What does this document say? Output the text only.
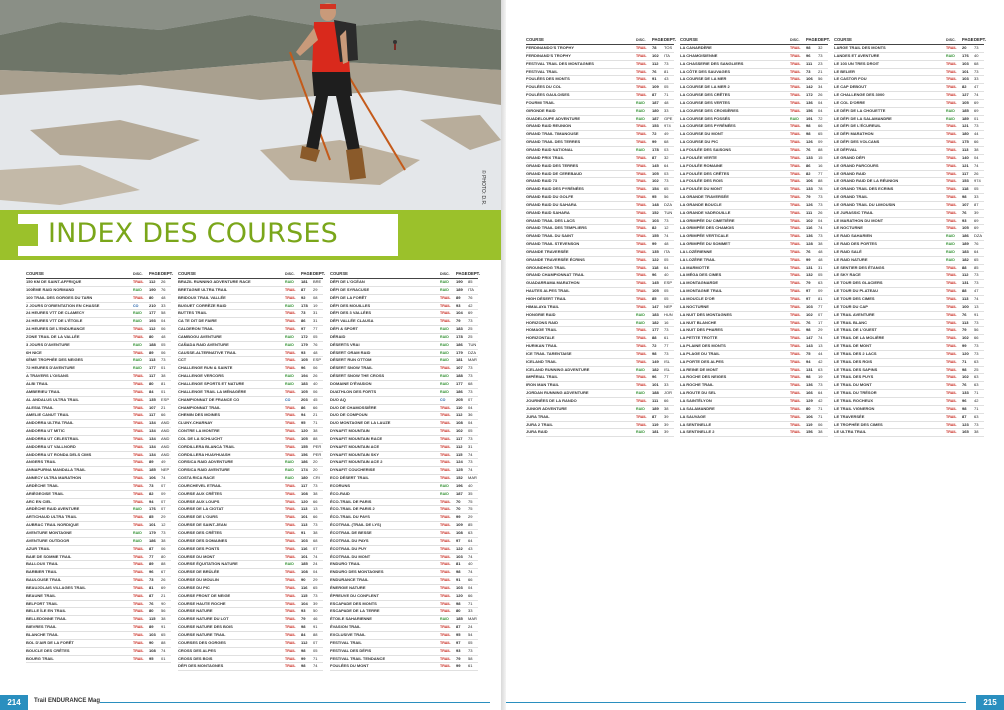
© PHOTO: D.R.
INDEX DES COURSES
COURSE	DISC. PAGE DEPT.
150 KM DE SAINT-AFFRIQUE	TRAIL 112 26
100ÈME RAID NORMAND	RAID 190 76
100 TRAIL DES GORGES DU TARN	TRAIL 80 48
2 JOURS D'ORIENTATION EN CHASSE	CO	210 33
24 HEURES VTT DE CLAMECY	RAID 177 58
24 HEURES VTT DE L'ÉTOILE	RAID 193 04
24 HEURES DE L'ENDURANCE	TRAIL 112 06
ZONE TRAIL DE LA VALLÉE	TRAIL 80 48
3 JOURS D'AVENTURE	RAID 188 05
6H NICE	TRAIL 89 06
6ÈME TROPHÉE DES NEIGES	RAID 113 73
72 HEURES D'AVENTURE	RAID 177 01
A TRAVERS L'OISANS	TRAIL 117 38
ALBI TRAIL	TRAIL 80 81
AMBERIEU TRAIL	TRAIL 84 01
AL ANDALUS ULTRA TRAIL	TRAIL 135 ESP
ALESIA TRAIL	TRAIL 107 21
AMELIE CANUT TRAIL	TRAIL 117 66
ANDORRA ULTRA TRAIL	TRAIL 134 AND
ANDORRA UT MITIC	TRAIL 134 AND
ANDORRA UT CELESTRAIL	TRAIL 134 AND
ANDORRA UT VALLNORD	TRAIL 134 AND
ANDORRA UT RONDA DELS CIMS	TRAIL 134 AND
ANGERS TRAIL	TRAIL 89 49
ANNAPURNA MANDALA TRAIL	TRAIL 185 NEP
ANNECY ULTRA MARATHON	TRAIL 106 74
ARDÈCHE TRAIL	TRAIL 73 07
ARIÈGEOISE TRAIL	TRAIL 82 09
ARC EN CIEL	TRAIL 94 07
ARDÈCHE RAID AVENTURE	RAID 176 07
ARTICHAUD ULTRA TRAIL	TRAIL 85 29
AUBRAC TRAIL NORDIQUE	TRAIL 101 12
AVENTURE MONTAGNE	RAID 179 73
AVENTURE OUTDOOR	RAID 186 38
AZUR TRAIL	TRAIL 87 06
BAIE DE SOMME TRAIL	TRAIL 77 80
BALLOUX TRAIL	TRAIL 89 88
BARBIER TRAIL	TRAIL 96 67
BAULOUSE TRAIL	TRAIL 73 26
BEAUJOLAIS VILLAGES TRAIL	TRAIL 81 69
BEAUNE TRAIL	TRAIL 87 21
BELFORT TRAIL	TRAIL 76 90
BELLE ÎLE EN TRAIL	TRAIL 80 56
BELLEDONNE TRAIL	TRAIL 115 38
BIEVRES TRAIL	TRAIL 89 91
BLANCHE TRAIL	TRAIL 103 65
BOL D'AIR DE LA FORÊT	TRAIL 90 88
BOUCLE DES CRÊTES	TRAIL 108 74
BOURG TRAIL	TRAIL 95 01
COURSE	DISC. PAGE DEPT.
BRAZIL RUNNING ADVENTURE RACE	RAID 181 BRE
BRETAGNE ULTRA TRAIL	TRAIL 87 29
BRIDOUX TRAIL VALLÉE	TRAIL 92 08
BUGUET CORRÈZE RAID	RAID 178 19
BUTTES TRAIL	TRAIL 73 31
CA TE DIT DE FAIRE	TRAIL 86 31
CALDERON TRAIL	TRAIL 97 77
CAMBOGU AVENTURE	RAID 172 05
CAÑADA RAID AVENTURE	RAID 179 76
CAUSSE-ALTERNATIVE TRAIL	TRAIL 93 48
CCT	TRAIL 105 ESP
CHALLENGE RUN & SAINTE	TRAIL 96 06
CHALLENGE VERCORS	RAID 194 26
CHALLENGE SPORTS ET NATURE	RAID 183 40
CHALLENGE TRAIL LA MÉNAGÈRE	TRAIL 105 06
CHAMPIONNAT DE FRANCE CO	CO	203 45
CHAMPIONNAT TRAIL	TRAIL 86 66
CHEMIN DES MOINES	TRAIL 94 21
CLUNY-CHARNAY	TRAIL 95 71
CONTRE LA MONTRE	TRAIL 120 38
COL DE LA SCHLUCHT	TRAIL 105 88
CORDILLERA BLANCA TRAIL	TRAIL 155 PER
CORDILLERA HUAYHUASH	TRAIL 156 PER
CORSICA RAID ADVENTURE	RAID 186 20
CORSICA RAID AVENTURE	RAID 174 20
COSTA RICA RACE	RAID 180 CRI
COURCHEVEL ETRAIL	TRAIL 117 73
COURSE AUX CRÊTES	TRAIL 108 38
COURSE AUX LOUPS	TRAIL 120 66
COURSE DE LA CIOTAT	TRAIL 113 13
COURSE DE L'OURS	TRAIL 101 66
COURSE DE SAINT-JEAN	TRAIL 113 73
COURSE DES CRÊTES	TRAIL 91 38
COURSE DES DOMAINES	TRAIL 103 68
COURSE DES PONTS	TRAIL 116 07
COURSE DU MONT	TRAIL 101 74
COURSE ÉQUITATION NATURE	RAID 185 24
COURSE DE BRÛLÉE	TRAIL 108 04
COURSE DU MOULIN	TRAIL 90 29
COURSE DU PIC	TRAIL 116 65
COURSE FRONT DE NEIGE	TRAIL 115 73
COURSE HAUTE ROCHE	TRAIL 104 39
COURSE NATURE	TRAIL 93 50
COURSE NATURE DU LOT	TRAIL 79 46
COURSE NATURE DES BOIS	TRAIL 98 91
COURSE NATURE TRAIL	TRAIL 84 88
COURSES DES GORGES	TRAIL 112 07
CROSS DES ALPES	TRAIL 98 05
CROSS DES BOIS	TRAIL 99 71
DÉFI DES MONTAGNES	TRAIL 98 74
COURSE	DISC. PAGE DEPT.
DÉFI DE L'OCÉAN	RAID 190 85
DÉFI DE SYRACUSE	RAID 189 ITA
DÉFI DE LA FORÊT	TRAIL 89 76
DÉFI DES MOUILLES	TRAIL 93 42
DÉFI DES 3 VALLÉES	TRAIL 104 69
DÉFI VALLÉE CLAUSA	TRAIL 79 73
DÉFI & SPORT	RAID 183 25
DÉRAID	RAID 178 25
DÉSERTS VRAI	RAID 186 TUN
DÉSERT ORAM RAID	RAID 179 DZA
DÉSERT RUN OTTOM	RAID 181 MAR
DÉSERT SNOW TRAIL	TRAIL 107 73
DÉSERT SNOW THE CROSS	RAID 188 73
DOMAINE D'ÉVASION	RAID 177 68
DUATHLON DES FORTS	RAID 186 73
DUO AQ	CO	205 07
DUO DE CHAMOSSIÈRE	TRAIL 110 04
DUO DE COMPOUN	TRAIL 112 36
DUO MONTAGNE DE LA LAUZE	TRAIL 108 04
DYNAFIT MOUNTAIN	TRAIL 102 05
DYNAFIT MOUNTAIN RACE	TRAIL 117 73
DYNAFIT MOUNTAIN ACE	TRAIL 112 31
DYNAFIT MOUNTAIN SKY	TRAIL 115 74
DYNAFIT MOUNTAIN ACE 2	TRAIL 124 73
DYNAFIT COUCHERISE	TRAIL 125 74
ECO DÉSERT TRAIL	TRAIL 152 MAR
ECORUNS	RAID 196 40
ÉCO-RAID	RAID 187 35
ÉCO-TRAIL DE PARIS	TRAIL 70 75
ÉCO-TRAIL DE PARIS 2	TRAIL 70 75
ÉCO-TRAIL DU PAYS	TRAIL 99 29
ÉCOTRAIL (TRAIL DE LYS)	TRAIL 109 85
ÉCOTRAIL DE BESSE	TRAIL 108 63
ÉCOTRAIL DU PAYS	TRAIL 97 64
ÉCOTRAIL DU PUY	TRAIL 122 43
ÉCOTRAIL DU MONT	TRAIL 103 74
ENDURO TRAIL	TRAIL 81 40
ENDURO DES MONTAGNES	TRAIL 98 74
ENDURANCE TRAIL	TRAIL 91 66
ÉNERGIE NATURE	TRAIL 103 04
ÉPREUVE DU CONFLENT	TRAIL 120 66
ESCAPADE DES MONTS	TRAIL 98 71
ESCAPADE DE LA TERRE	TRAIL 80 33
ÉTOILE SAHARIENNE	RAID 185 MAR
ÉVASION TRAIL	TRAIL 87 24
EXCLUSIVE TRAIL	TRAIL 95 54
FESTIVAL TRAIL	TRAIL 97 05
FESTIVAL DES DÉFIS	TRAIL 93 73
FESTIVAL TRAIL TENDANCE	TRAIL 79 58
FOULÉES DU MONT	TRAIL 99 61
214	Trail ENDURANCE Mag
COURSE	DISC. PAGE DEPT.
FERDINANDO'S TROPHY	TRAIL 78 TOS
FERDINAND'S TROPHY	TRAIL 102 ITA
FESTIVAL TRAIL DES MONTAGNES	TRAIL 112 73
FESTIVAL TRAIL	TRAIL 76 81
FOULÉES DES MONTS	TRAIL 91 43
FOULÉES DU COL	TRAIL 109 05
FOULÉES GAULOISES	TRAIL 87 71
FOURMI TRAIL	RAID 187 48
GIRONDE RAID	RAID 180 33
GUADELOUPE ADVENTURE	RAID 187 GPE
GRAND RAID REUNION	TRAIL 153 974
GRAND TRAIL TIMANOUSE	TRAIL 72 49
GRAND TRAIL DES TERRES	TRAIL 99 68
GRAND RAID NATIONAL	RAID 178 03
GRAND PRIX TRAIL	TRAIL 87 32
GRAND RAID DES TERRES	TRAIL 145 64
GRAND RAID DE CEREBAUD	TRAIL 105 03
GRAND RAID 73	TRAIL 102 73
GRAND RAID DES PYRÉNÉES	TRAIL 154 65
GRAND RAID DU GOLFE	TRAIL 95 56
GRAND RAID DU SAHARA	TRAIL 148 DZA
GRAND RAID SAHARA	TRAIL 152 TUN
GRAND TRAIL DES LACS	TRAIL 103 73
GRAND TRAIL DES TEMPLIERS	TRAIL 82 12
GRAND TRAIL DU SAINT	TRAIL 155 74
GRAND TRAIL STEVENSON	TRAIL 99 48
GRANDE TRAVERSÉE	TRAIL 135 ITA
GRANDE TRAVERSÉE ÉCRINS	TRAIL 122 05
GROUNDHOG TRAIL	TRAIL 118 64
GRAND CHAMPIONNAT TRAIL	TRAIL 96 40
GUADARRAMA MARATHON	TRAIL 145 ESP
HAUTES ALPES TRAIL	TRAIL 105 05
HIGH DÉSERT TRAIL	TRAIL 85 05
HIMALAYA TRAIL	TRAIL 147 NEP
HONGRIE RAID	RAID 183 HUN
HORIZONS RAID	RAID 182 16
HOMAGE TRAIL	TRAIL 177 73
HORIZONTALE	TRAIL 88 61
HURIKAN TRAIL	TRAIL 72 77
ICE TRAIL TARENTAISE	TRAIL 98 73
ICELAND TRAIL	TRAIL 149 ISL
ICELAND RUNNING ADVENTURE	RAID 182 ISL
IMPÉRIAL TRAIL	TRAIL 96 77
IRON MAN TRAIL	TRAIL 101 33
JORDAN RUNNING ADVENTURE	RAID 188 JOR
JOURNÉES DE LA RANDO	TRAIL 111 66
JUNIOR ADVENTURE	RAID 189 38
JURA TRAIL	TRAIL 87 39
JURA 2 TRAIL	TRAIL 119 39
JURA RAID	RAID 181 39
COURSE	DISC. PAGE DEPT.
LA CANARDÈRE	TRAIL 98 32
LA CHAMOISIENNE	TRAIL 96 73
LA CHASSERIE DES SANGLIERS	TRAIL 111 23
LA CÔTE DES SAUVAGES	TRAIL 73 21
LA COURSE DE LA MER	TRAIL 106 56
LA COURSE DE LA MER 2	TRAIL 142 34
LA COURSE DES CRÊTES	TRAIL 172 26
LA COURSE DES VERTES	TRAIL 136 04
LA COURSE DES CROISIÈRES	TRAIL 156 04
LA COURSE DES FOSSÉS	RAID 191 72
LA COURSE DES PYRÉNÉES	TRAIL 98 66
LA COURSE DU MONT	TRAIL 98 65
LA COURSE DU PIC	TRAIL 126 09
LA FOULÉE DES SAISONS	TRAIL 76 88
LA FOULÉE VERTE	TRAIL 133 15
LA FOULÉE ROMAINE	TRAIL 86 16
LA FOULÉE DES CRÊTES	TRAIL 82 77
LA FOULÉE DES ROIS	TRAIL 106 88
LA FOULÉE DU MONT	TRAIL 133 78
LA GRANDE TRAVERSÉE	TRAIL 79 73
LA GRANDE BOUCLE	TRAIL 126 73
LA GRANDE VADROUILLE	TRAIL 111 26
LA GRIMPÉE DU CIMETIÈRE	TRAIL 102 04
LA GRIMPÉE DES CHAMOIS	TRAIL 116 74
LA GRIMPÉE VERTICALE	TRAIL 136 73
LA GRIMPÉE DU SOMMET	TRAIL 128 38
LA LOZÉRIENNE	TRAIL 76 48
LA LOZÈRE TRAIL	TRAIL 99 48
LA MARMOTTE	TRAIL 131 31
LA MÉGA DES CIMES	TRAIL 132 05
LA MONTAGNARDE	TRAIL 79 63
LA MONTAGNE TRAIL	TRAIL 97 09
LA MOUCLE D'OR	TRAIL 97 81
LA NOCTURNE	TRAIL 103 77
LA NUIT DES MONTAGNES	TRAIL 102 07
LA NUIT BLANCHE	TRAIL 76 17
LA NUIT DES PHARES	TRAIL 98 29
LA PETITE TROTTE	TRAIL 147 74
LA PLAINE DES MONTS	TRAIL 143 13
LA PLAGE DU TRAIL	TRAIL 75 44
LA PORTE DES ALPES	TRAIL 94 42
LA REINE DE MONT	TRAIL 131 63
LA ROCHE DES NEIGES	TRAIL 98 19
LA ROCHE TRAIL	TRAIL 136 73
LA ROUTE DU SEL	TRAIL 166 64
LA SAINTÉLYON	TRAIL 129 42
LA SALAMANDRE	TRAIL 80 71
LA SAUVAGE	TRAIL 106 71
LA SENTINELLE	TRAIL 119 06
LA SENTINELLE 2	TRAIL 156 38
COURSE	DISC. PAGE DEPT.
LARGE TRAIL DES MONTS	TRAIL 20 73
LANDES ET AVENTURE	RAID 176 40
LE 103 UN TRES DROIT	TRAIL 103 68
LE BELIER	TRAIL 101 73
LE CASTOR FOU	TRAIL 103 33
LE CAP DEBOUT	TRAIL 82 47
LE CHALLENGE DES 3000	TRAIL 127 74
LE COL D'ORRE	TRAIL 105 69
LE DÉFI DE LA CHOUETTE	RAID 185 69
LE DÉFI DE LA SALAMANDRE	RAID 189 01
LE DÉFI DE L'ÉCUREUIL	TRAIL 121 73
LE DÉFI MARATHON	TRAIL 180 44
LE DÉFI DES VOLCANS	TRAIL 175 66
LE DÉFIVAL	TRAIL 113 38
LE GRAND DÉFI	TRAIL 140 04
LE GRAND PARCOURS	TRAIL 121 74
LE GRAND RAID	TRAIL 117 26
LE GRAND RAID DE LA RÉUNION	TRAIL 153 974
LE GRAND TRAIL DES ECRINS	TRAIL 118 05
LE GRAND TRAIL	TRAIL 98 33
LE GRAND TRAIL DU LIMOUSIN	TRAIL 107 87
LE JURASSIC TRAIL	TRAIL 76 39
LE MARATHON DU MONT	TRAIL 93 69
LE NOCTURNE	TRAIL 105 69
LE RAID SAHARIEN	RAID 186 DZA
LE RAID DES PORTES	RAID 189 76
LE RAID SALÉ	RAID 183 64
LE RAID NATURE	RAID 182 65
LE SENTIER DES ÉTANGS	TRAIL 88 85
LE SKY RACE	TRAIL 112 73
LE TOUR DES GLACIERS	TRAIL 131 73
LE TOUR DU PLATEAU	TRAIL 88 47
LE TOUR DES CIMES	TRAIL 113 74
LE TOUR DU CAP	TRAIL 100 13
LE TRAIL AVENTURE	TRAIL 76 91
LE TRAIL BLANC	TRAIL 113 73
LE TRAIL DE L'OUEST	TRAIL 79 56
LE TRAIL DE LA MOLIÈRE	TRAIL 102 66
LE TRAIL DE MONT	TRAIL 99 73
LE TRAIL DES 2 LACS	TRAIL 120 73
LE TRAIL DES ROIS	TRAIL 71 63
LE TRAIL DES SAPINS	TRAIL 98 25
LE TRAIL DES PUYS	TRAIL 102 63
LE TRAIL DU MONT	TRAIL 76 63
LE TRAIL DU TRÉSOR	TRAIL 133 71
LE TRAIL ROCHEUX	TRAIL 96 42
LE TRAIL VIGNERON	TRAIL 98 71
LE TRAVERSÉE	TRAIL 87 63
LE TROPHÉE DES CIMES	TRAIL 123 73
LE ULTRA TRAIL	TRAIL 165 38
215
